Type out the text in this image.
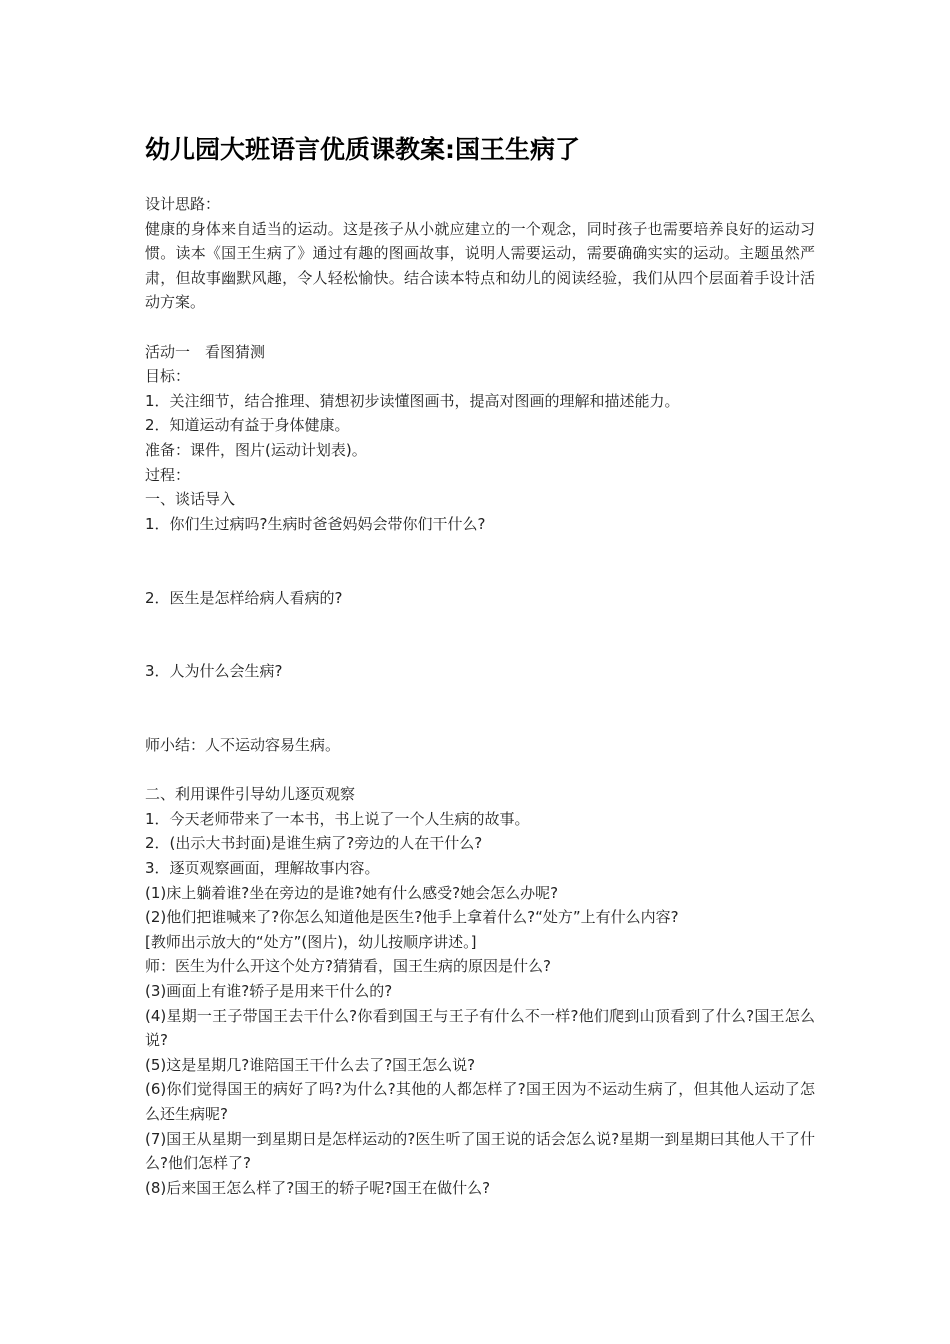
幼儿园大班语言优质课教案:国王生病了

设计思路：

健康的身体来自适当的运动。这是孩子从小就应建立的一个观念，同时孩子也需要培养良好的运动习惯。读本《国王生病了》通过有趣的图画故事，说明人需要运动，需要确确实实的运动。主题虽然严肃，但故事幽默风趣，令人轻松愉快。结合读本特点和幼儿的阅读经验，我们从四个层面着手设计活动方案。

活动一　看图猜测

目标：

1．关注细节，结合推理、猜想初步读懂图画书，提高对图画的理解和描述能力。

2．知道运动有益于身体健康。

准备：课件，图片(运动计划表)。

过程：

一、谈话导入

1．你们生过病吗?生病时爸爸妈妈会带你们干什么?

2．医生是怎样给病人看病的?

3．人为什么会生病?

师小结：人不运动容易生病。

二、利用课件引导幼儿逐页观察

1．今天老师带来了一本书，书上说了一个人生病的故事。

2．(出示大书封面)是谁生病了?旁边的人在干什么?

3．逐页观察画面，理解故事内容。

(1)床上躺着谁?坐在旁边的是谁?她有什么感受?她会怎么办呢?

(2)他们把谁喊来了?你怎么知道他是医生?他手上拿着什么?“处方”上有什么内容?

[教师出示放大的“处方”(图片)，幼儿按顺序讲述。]

师：医生为什么开这个处方?猜猜看，国王生病的原因是什么?

(3)画面上有谁?轿子是用来干什么的?

(4)星期一王子带国王去干什么?你看到国王与王子有什么不一样?他们爬到山顶看到了什么?国王怎么说?

(5)这是星期几?谁陪国王干什么去了?国王怎么说?

(6)你们觉得国王的病好了吗?为什么?其他的人都怎样了?国王因为不运动生病了，但其他人运动了怎么还生病呢?

(7)国王从星期一到星期日是怎样运动的?医生听了国王说的话会怎么说?星期一到星期曰其他人干了什么?他们怎样了?

(8)后来国王怎么样了?国王的轿子呢?国王在做什么?
